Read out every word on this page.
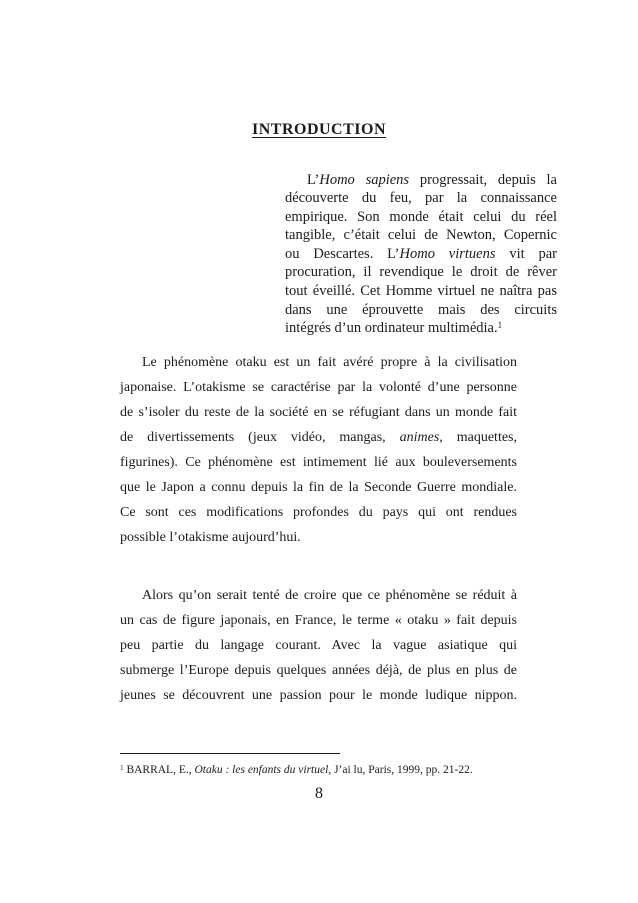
INTRODUCTION
L’Homo sapiens progressait, depuis la
découverte du feu, par la connaissance
empirique. Son monde était celui du réel
tangible, c’était celui de Newton, Copernic
ou Descartes. L’Homo virtuens vit par
procuration, il revendique le droit de rêver
tout éveillé. Cet Homme virtuel ne naîtra pas
dans une éprouvette mais des circuits
intégrés d’un ordinateur multimédia.$^1$
Le phénomène otaku est un fait avéré propre à la civilisation
japonaise. L’otakisme se caractérise par la volonté d’une personne
de s’isoler du reste de la société en se réfugiant dans un monde fait
de divertissements (jeux vidéo, mangas, animes, maquettes,
figurines). Ce phénomène est intimement lié aux bouleversements
que le Japon a connu depuis la fin de la Seconde Guerre mondiale.
Ce sont ces modifications profondes du pays qui ont rendues
possible l’otakisme aujourd’hui.
Alors qu’on serait tenté de croire que ce phénomène se réduit à
un cas de figure japonais, en France, le terme « otaku » fait depuis
peu partie du langage courant. Avec la vague asiatique qui
submerge l’Europe depuis quelques années déjà, de plus en plus de
jeunes se découvrent une passion pour le monde ludique nippon.
$^1$ BARRAL, E., Otaku : les enfants du virtuel, J’ai lu, Paris, 1999, pp. 21-22.
8
